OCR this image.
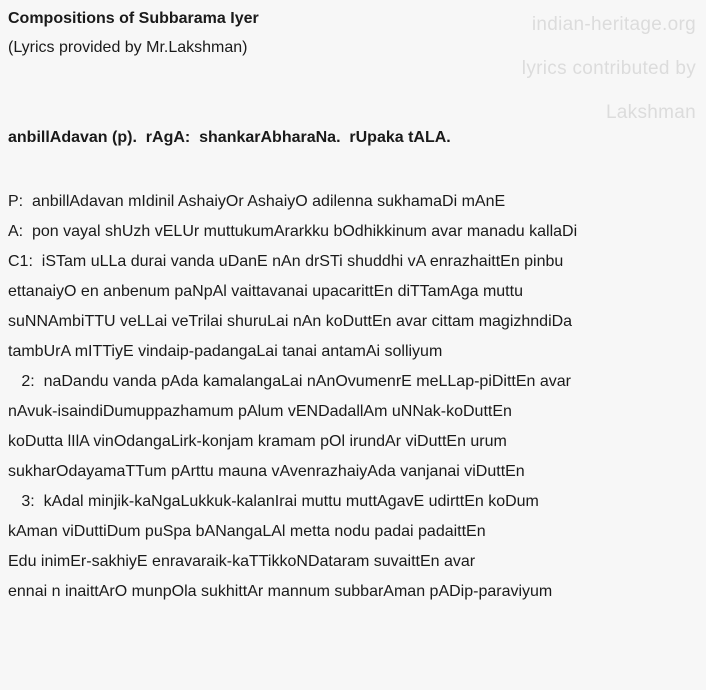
Compositions of Subbarama Iyer
(Lyrics provided by Mr.Lakshman)
indian-heritage.org
lyrics contributed by
Lakshman
anbillAdavan (p).  rAgA:  shankarAbharaNa.  rUpaka tALA.
P:  anbillAdavan mIdinil AshaiyOr AshaiyO adilenna sukhamaDi mAnE
A:  pon vayal shUzh vELUr muttukumArarkku bOdhikkinum avar manadu kallaDi
C1:  iSTam uLLa durai vanda uDanE nAn drSTi shuddhi vA enrazhaittEn pinbu
ettanaiyO en anbenum paNpAl vaittavanai upacarittEn diTTamAga muttu
suNNAmbiTTU veLLai veTrilai shuruLai nAn koDuttEn avar cittam magizhndiDa
tambUrA mITTiyE vindaip-padangaLai tanai antamAi solliyum
2:  naDandu vanda pAda kamalangaLai nAnOvumenrE meLLap-piDittEn avar
nAvuk-isaindiDumuppazhamum pAlum vENDadallAm uNNak-koDuttEn
koDutta lIlA vinOdangaLirk-konjam kramam pOl irundAr viDuttEn urum
sukharOdayamaTTum pArttu mauna vAvenrazhaiyAda vanjanai viDuttEn
3:  kAdal minjik-kaNgaLukkuk-kalanIrai muttu muttAgavE udirttEn koDum
kAman viDuttiDum puSpa bANangaLAl metta nodu padai padaittEn
Edu inimEr-sakhiyE enravaraik-kaTTikkoNDataram suvaittEn avar
ennai n inaittArO munpOla sukhittAr mannum subbarAman pADip-paraviyum
